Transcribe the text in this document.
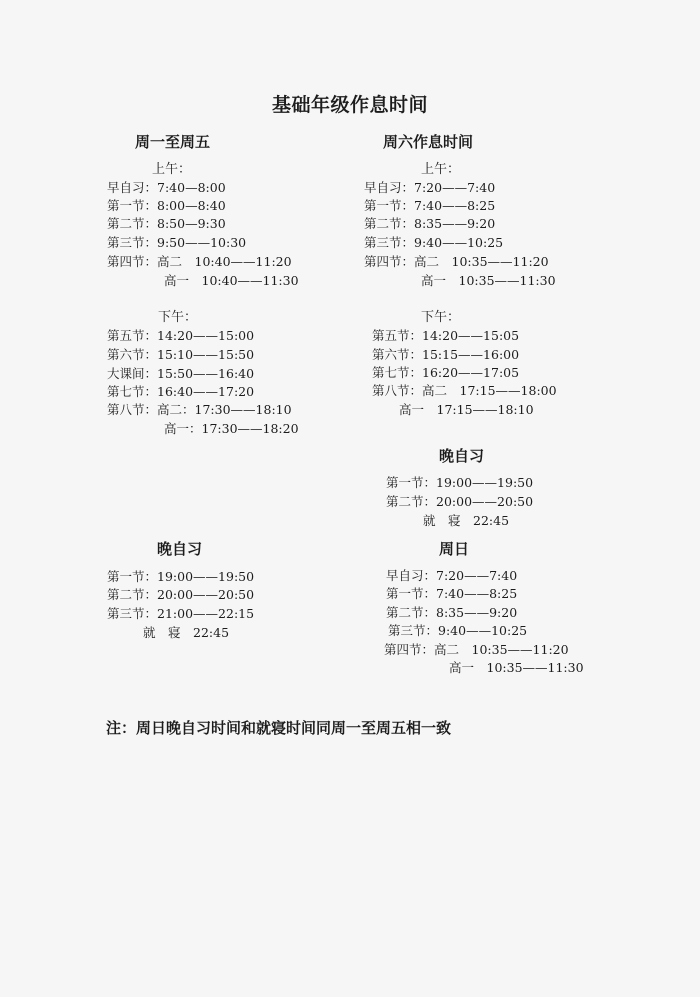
基础年级作息时间
周一至周五
上午：
早自习：7:40—8:00
第一节：8:00—8:40
第二节：8:50—9:30
第三节：9:50——10:30
第四节：高二　10:40——11:20
高一　10:40——11:30
下午：
第五节：14:20——15:00
第六节：15:10——15:50
大课间：15:50——16:40
第七节：16:40——17:20
第八节：高二：17:30——18:10
高一：17:30——18:20
晚自习
第一节：19:00——19:50
第二节：20:00——20:50
第三节：21:00——22:15
就　寝　22:45
周六作息时间
上午：
早自习：7:20——7:40
第一节：7:40——8:25
第二节：8:35——9:20
第三节：9:40——10:25
第四节：高二　10:35——11:20
高一　10:35——11:30
下午：
第五节：14:20——15:05
第六节：15:15——16:00
第七节：16:20——17:05
第八节：高二　17:15——18:00
高一　17:15——18:10
晚自习
第一节：19:00——19:50
第二节：20:00——20:50
就　寝　22:45
周日
早自习：7:20——7:40
第一节：7:40——8:25
第二节：8:35——9:20
第三节：9:40——10:25
第四节：高二　10:35——11:20
高一　10:35——11:30
注：周日晚自习时间和就寝时间同周一至周五相一致
